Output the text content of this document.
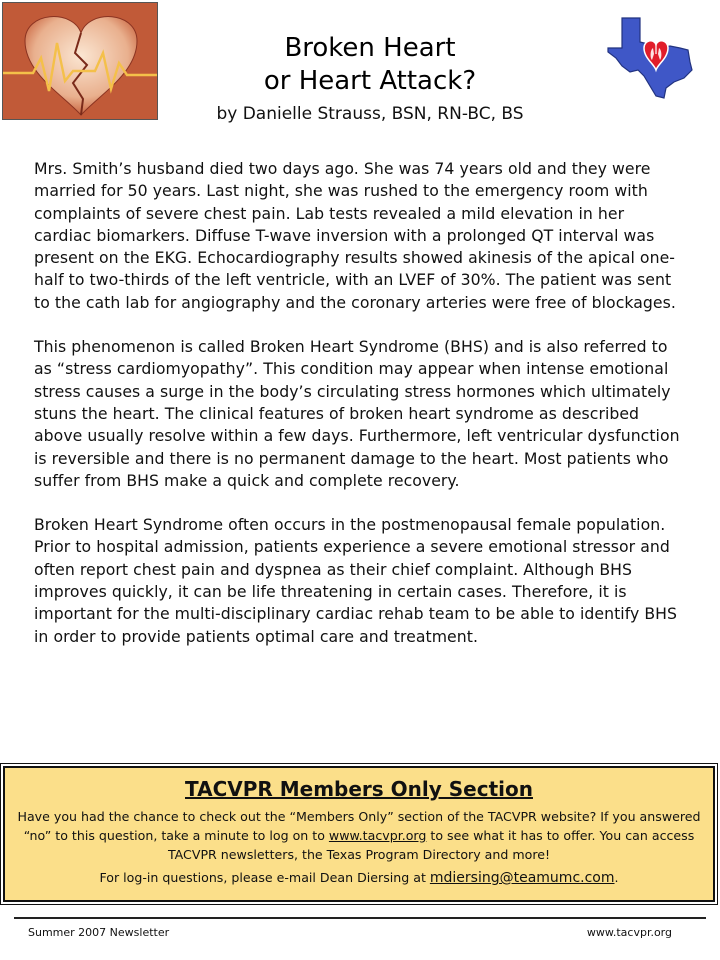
Broken Heart
or Heart Attack?
by Danielle Strauss, BSN, RN-BC, BS

Mrs. Smith’s husband died two days ago. She was 74 years old and they were married for 50 years. Last night, she was rushed to the emergency room with complaints of severe chest pain. Lab tests revealed a mild elevation in her cardiac biomarkers. Diffuse T-wave inversion with a prolonged QT interval was present on the EKG. Echocardiography results showed akinesis of the apical one-half to two-thirds of the left ventricle, with an LVEF of 30%. The patient was sent to the cath lab for angiography and the coronary arteries were free of blockages.

This phenomenon is called Broken Heart Syndrome (BHS) and is also referred to as “stress cardiomyopathy”. This condition may appear when intense emotional stress causes a surge in the body’s circulating stress hormones which ultimately stuns the heart. The clinical features of broken heart syndrome as described above usually resolve within a few days. Furthermore, left ventricular dysfunction is reversible and there is no permanent damage to the heart. Most patients who suffer from BHS make a quick and complete recovery.

Broken Heart Syndrome often occurs in the postmenopausal female population. Prior to hospital admission, patients experience a severe emotional stressor and often report chest pain and dyspnea as their chief complaint. Although BHS improves quickly, it can be life threatening in certain cases. Therefore, it is important for the multi-disciplinary cardiac rehab team to be able to identify BHS in order to provide patients optimal care and treatment.

TACVPR Members Only Section
Have you had the chance to check out the “Members Only” section of the TACVPR website? If you answered “no” to this question, take a minute to log on to www.tacvpr.org to see what it has to offer. You can access TACVPR newsletters, the Texas Program Directory and more!
For log-in questions, please e-mail Dean Diersing at mdiersing@teamumc.com.
Summer 2007 Newsletter	www.tacvpr.org
